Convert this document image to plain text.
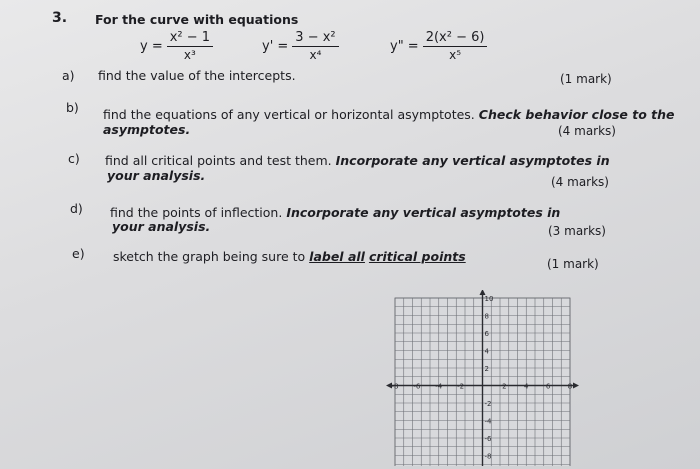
3. For the curve with equations
$y = \frac{\text{x² − 1}}{\text{x³}}$	$y' = \frac{\text{3 − x²}}{\text{x⁴}}$	y" = $\frac{\text{2(x² − 6)}}{\text{x⁵}}$
a) find the value of the intercepts.	(1 mark)
b) find the equations of any vertical or horizontal asymptotes. Check behavior close to the
asymptotes.	(4 marks)
c) find all critical points and test them. Incorporate any vertical asymptotes in
your analysis.	(4 marks)
d) find the points of inflection. Incorporate any vertical asymptotes in
your analysis.	(3 marks)
e) sketch the graph being sure to label all critical points	(1 mark)
-8 -6 -4 -2	2 4 6 8
10
8
6
4
2
-2
-4
-6
-8
